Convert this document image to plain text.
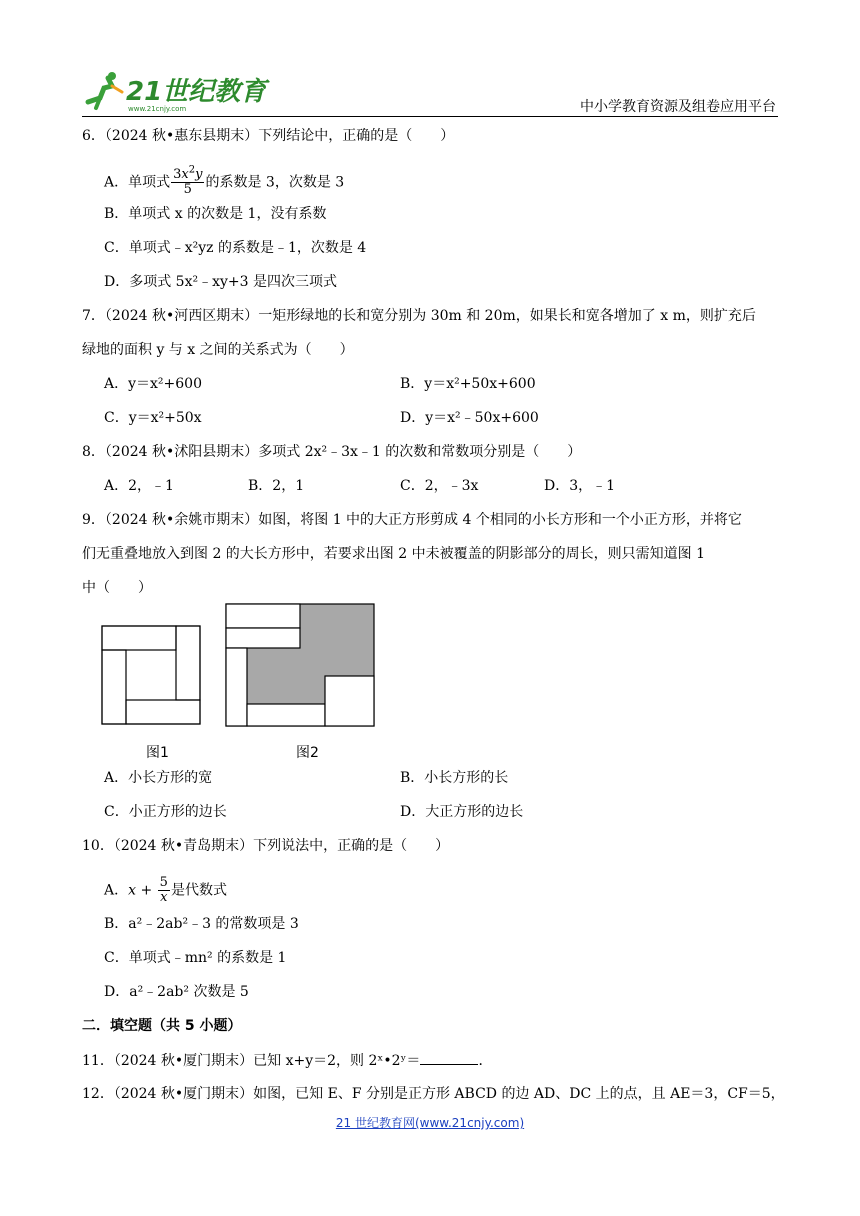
21世纪教育
www.21cnjy.com	中小学教育资源及组卷应用平台
6．（2024 秋•惠东县期末）下列结论中，正确的是（　　）
A．单项式 $\frac{3x^2y}{5}$ 的系数是 3，次数是 3
B．单项式 x 的次数是 1，没有系数
C．单项式﹣x²yz 的系数是﹣1，次数是 4
D．多项式 5x²﹣xy+3 是四次三项式
7．（2024 秋•河西区期末）一矩形绿地的长和宽分别为 30m 和 20m，如果长和宽各增加了 x m，则扩充后
绿地的面积 y 与 x 之间的关系式为（　　）
A．y＝x²+600	B．y＝x²+50x+600
C．y＝x²+50x	D．y＝x²﹣50x+600
8．（2024 秋•沭阳县期末）多项式 2x²﹣3x﹣1 的次数和常数项分别是（　　）
A．2，﹣1	B．2，1	C．2，﹣3x	D．3，﹣1
9．（2024 秋•余姚市期末）如图，将图 1 中的大正方形剪成 4 个相同的小长方形和一个小正方形，并将它
们无重叠地放入到图 2 的大长方形中，若要求出图 2 中未被覆盖的阴影部分的周长，则只需知道图 1
中（　　）
图1	图2
A．小长方形的宽	B．小长方形的长
C．小正方形的边长	D．大正方形的边长
10．（2024 秋•青岛期末）下列说法中，正确的是（　　）
A．$x + \frac{5}{x}$ 是代数式
B．a²﹣2ab²﹣3 的常数项是 3
C．单项式﹣mn² 的系数是 1
D．a²﹣2ab² 次数是 5
二．填空题（共 5 小题）
11．（2024 秋•厦门期末）已知 x+y＝2，则 2ˣ•2ʸ＝	．
12．（2024 秋•厦门期末）如图，已知 E、F 分别是正方形 ABCD 的边 AD、DC 上的点，且 AE＝3，CF＝5，
21 世纪教育网(www.21cnjy.com)
